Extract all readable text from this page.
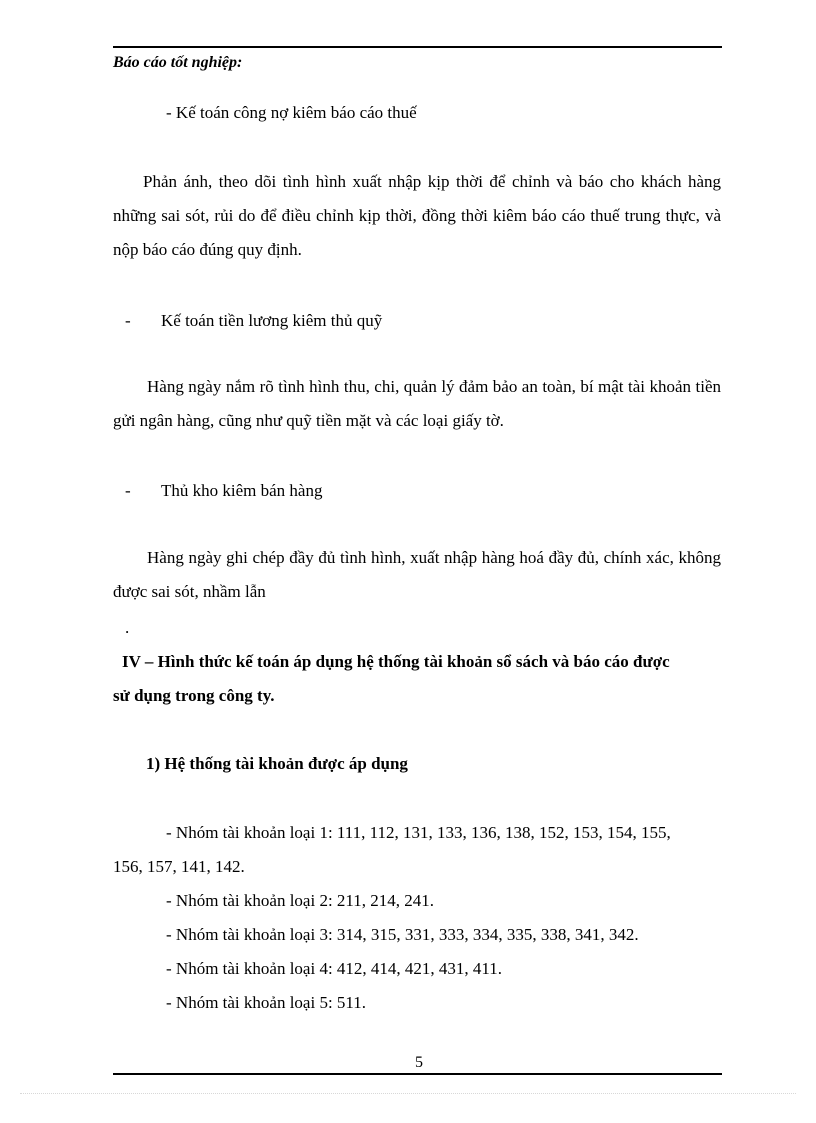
Báo cáo tốt nghiệp:
- Kế toán công nợ kiêm báo cáo thuế
Phản ánh, theo dõi tình hình xuất nhập kịp thời để chỉnh và báo cho khách hàng những sai sót, rủi do để điều chỉnh kịp thời, đồng thời kiêm báo cáo thuế trung thực, và nộp báo cáo đúng quy định.
- Kế toán tiền lương kiêm thủ quỹ
Hàng ngày nắm rõ tình hình thu, chi, quản lý đảm bảo an toàn, bí mật tài khoản tiền gửi ngân hàng, cũng như quỹ tiền mặt và các loại giấy tờ.
- Thủ kho kiêm bán hàng
Hàng ngày ghi chép đầy đủ tình hình, xuất nhập hàng hoá đầy đủ, chính xác, không được sai sót, nhầm lẫn
.
IV – Hình thức kế toán áp dụng hệ thống tài khoản sổ sách và báo cáo được sử dụng trong công ty.
1) Hệ thống tài khoản được áp dụng
- Nhóm tài khoản loại 1: 111, 112, 131, 133, 136, 138, 152, 153, 154, 155, 156, 157, 141, 142.
- Nhóm tài khoản loại 2: 211, 214, 241.
- Nhóm tài khoản loại 3: 314, 315, 331, 333, 334, 335, 338, 341, 342.
- Nhóm tài khoản loại 4: 412, 414, 421, 431, 411.
- Nhóm tài khoản loại 5: 511.
5
